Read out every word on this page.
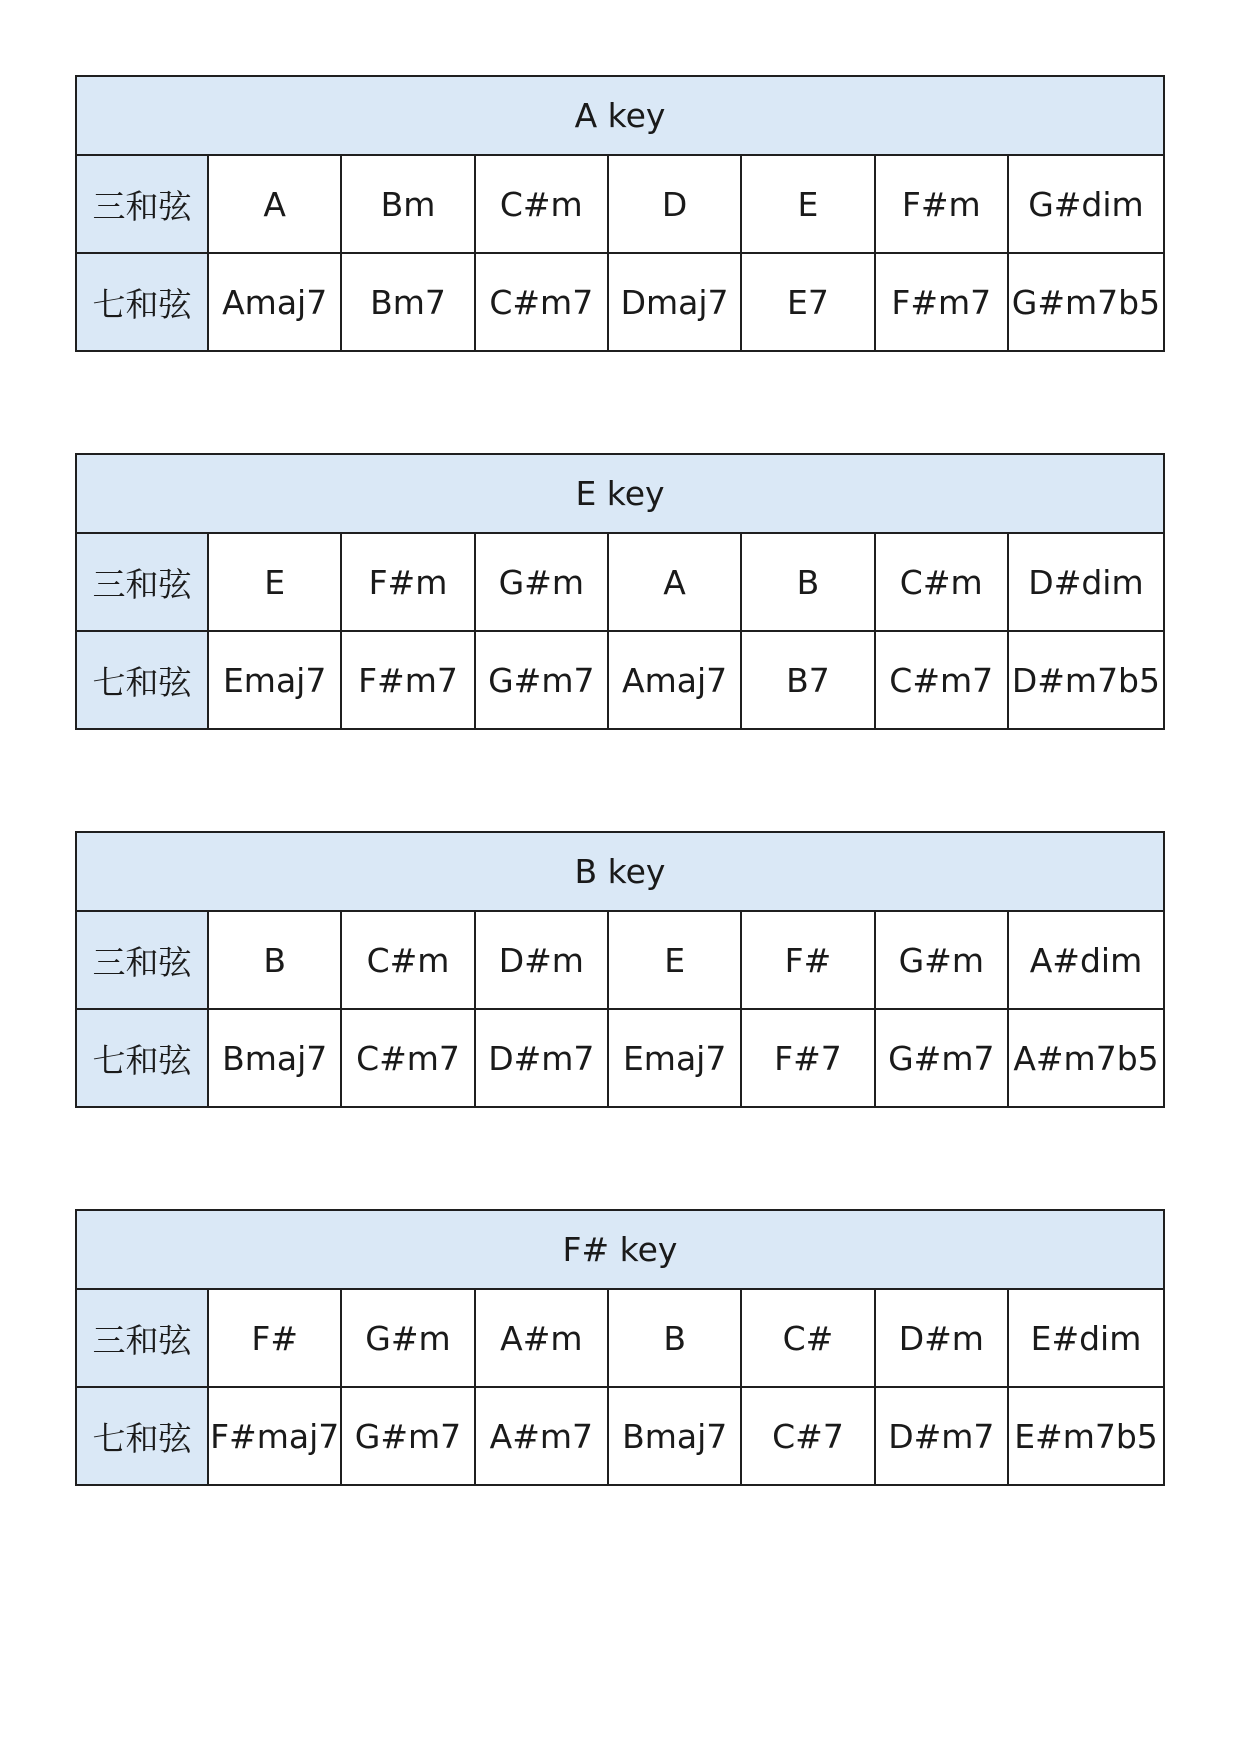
A key							
三和弦	A	Bm	C#m	D	E	F#m	G#dim
七和弦	Amaj7	Bm7	C#m7	Dmaj7	E7	F#m7	G#m7b5
E key							
三和弦	E	F#m	G#m	A	B	C#m	D#dim
七和弦	Emaj7	F#m7	G#m7	Amaj7	B7	C#m7	D#m7b5
B key							
三和弦	B	C#m	D#m	E	F#	G#m	A#dim
七和弦	Bmaj7	C#m7	D#m7	Emaj7	F#7	G#m7	A#m7b5
F# key							
三和弦	F#	G#m	A#m	B	C#	D#m	E#dim
七和弦	F#maj7	G#m7	A#m7	Bmaj7	C#7	D#m7	E#m7b5
